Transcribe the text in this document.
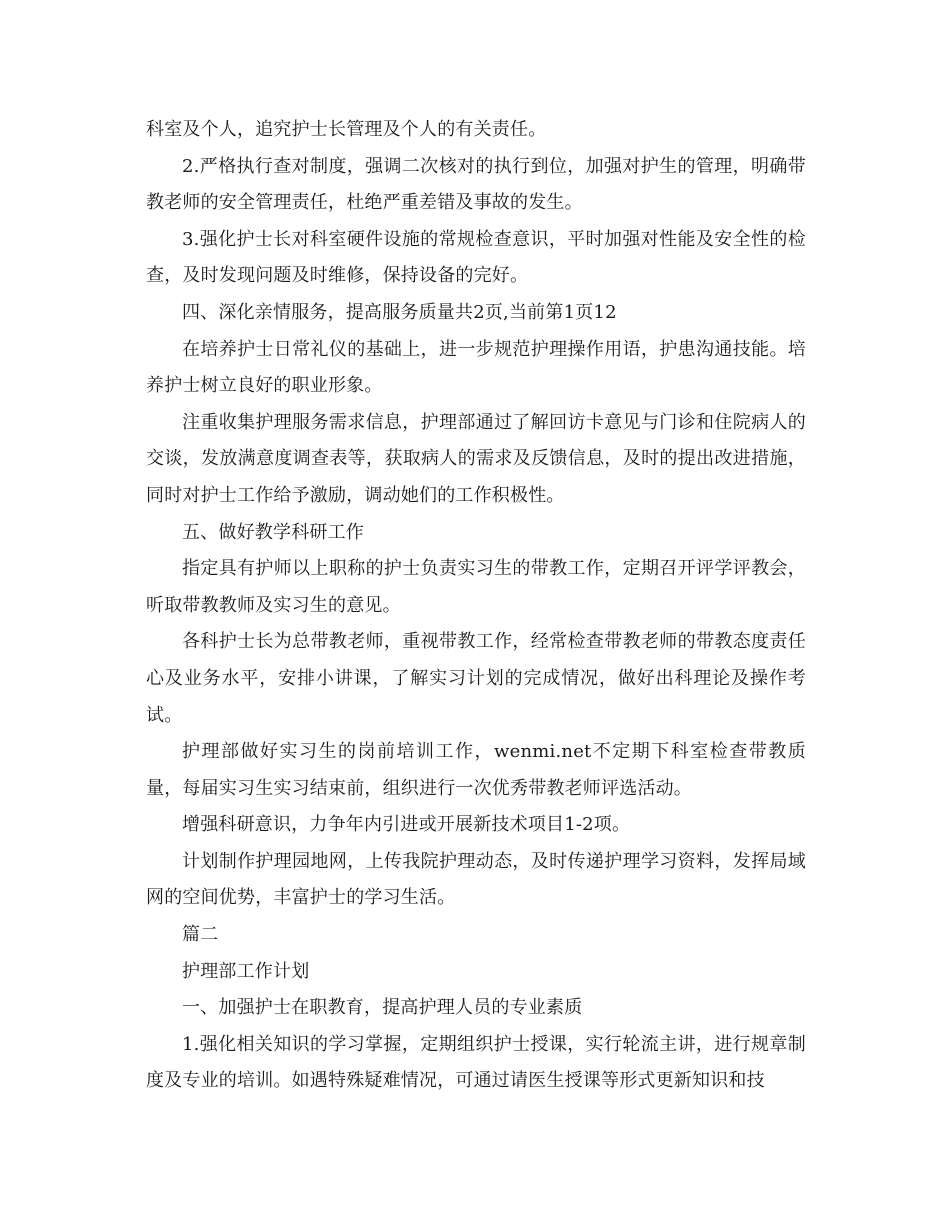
科室及个人，追究护士长管理及个人的有关责任。

2.严格执行查对制度，强调二次核对的执行到位，加强对护生的管理，明确带教老师的安全管理责任，杜绝严重差错及事故的发生。

3.强化护士长对科室硬件设施的常规检查意识，平时加强对性能及安全性的检查，及时发现问题及时维修，保持设备的完好。

四、深化亲情服务，提高服务质量共2页,当前第1页12

在培养护士日常礼仪的基础上，进一步规范护理操作用语，护患沟通技能。培养护士树立良好的职业形象。

注重收集护理服务需求信息，护理部通过了解回访卡意见与门诊和住院病人的交谈，发放满意度调查表等，获取病人的需求及反馈信息，及时的提出改进措施，同时对护士工作给予激励，调动她们的工作积极性。

五、做好教学科研工作

指定具有护师以上职称的护士负责实习生的带教工作，定期召开评学评教会，听取带教教师及实习生的意见。

各科护士长为总带教老师，重视带教工作，经常检查带教老师的带教态度责任心及业务水平，安排小讲课，了解实习计划的完成情况，做好出科理论及操作考试。

护理部做好实习生的岗前培训工作，wenmi.net不定期下科室检查带教质量，每届实习生实习结束前，组织进行一次优秀带教老师评选活动。

增强科研意识，力争年内引进或开展新技术项目1-2项。

计划制作护理园地网，上传我院护理动态，及时传递护理学习资料，发挥局域网的空间优势，丰富护士的学习生活。

篇二

护理部工作计划

一、加强护士在职教育，提高护理人员的专业素质

1.强化相关知识的学习掌握，定期组织护士授课，实行轮流主讲，进行规章制度及专业的培训。如遇特殊疑难情况，可通过请医生授课等形式更新知识和技
